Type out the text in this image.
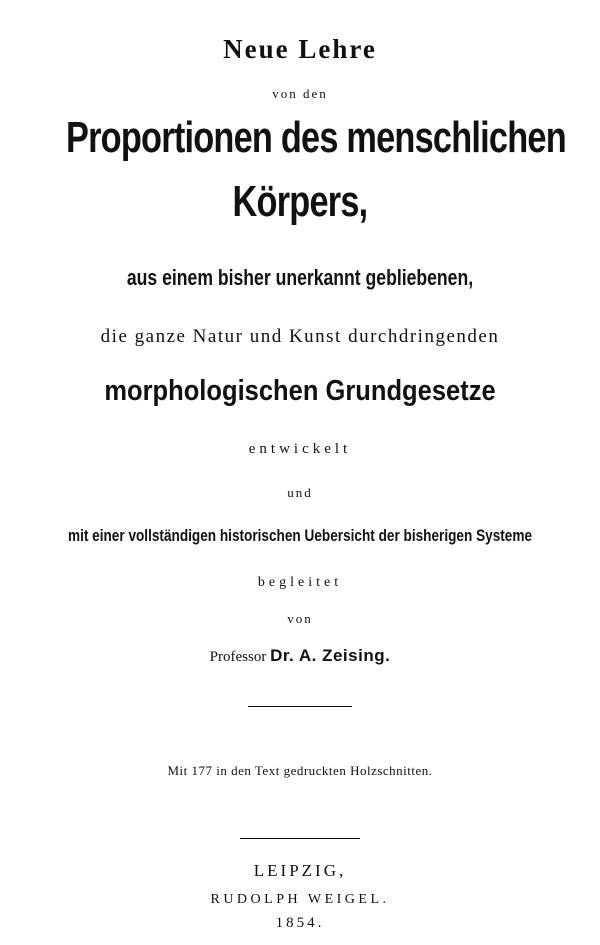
Neue Lehre
von den
Proportionen des menschlichen
Körpers,
aus einem bisher unerkannt gebliebenen,
die ganze Natur und Kunst durchdringenden
morphologischen Grundgesetze
entwickelt
und
mit einer vollständigen historischen Uebersicht der bisherigen Systeme
begleitet
von
Professor Dr. A. Zeising.
Mit 177 in den Text gedruckten Holzschnitten.
LEIPZIG,
RUDOLPH WEIGEL.
1854.
